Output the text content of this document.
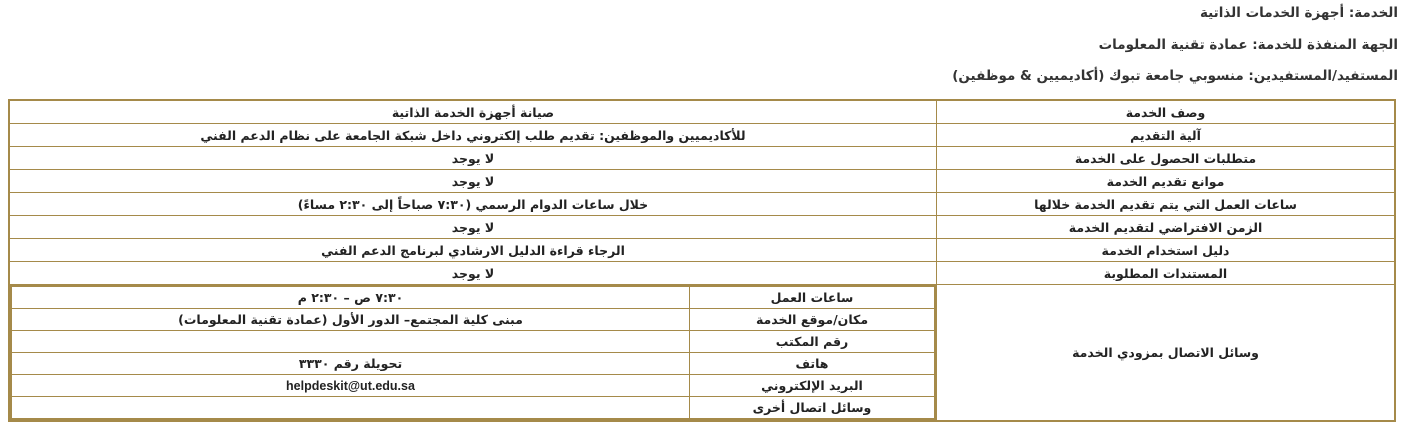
الخدمة: أجهزة الخدمات الذاتية
الجهة المنفذة للخدمة: عمادة تقنية المعلومات
المستفيد/المستفيدين: منسوبي جامعة تبوك (أكاديميين & موظفين)
وصف الخدمة	صيانة أجهزة الخدمة الذاتية
آلية التقديم	للأكاديميين والموظفين: تقديم طلب إلكتروني داخل شبكة الجامعة على نظام الدعم الفني
متطلبات الحصول على الخدمة	لا يوجد
موانع تقديم الخدمة	لا يوجد
ساعات العمل التي يتم تقديم الخدمة خلالها	خلال ساعات الدوام الرسمي (٧:٣٠ صباحاً إلى ٢:٣٠ مساءً)
الزمن الافتراضي لتقديم الخدمة	لا يوجد
دليل استخدام الخدمة	الرجاء قراءة الدليل الارشادي لبرنامج الدعم الفني
المستندات المطلوبة	لا يوجد
وسائل الاتصال بمزودي الخدمة	
ساعات العمل	٧:٣٠ ص – ٢:٣٠ م
مكان/موقع الخدمة	مبنى كلية المجتمع– الدور الأول (عمادة تقنية المعلومات)
رقم المكتب	
هاتف	تحويلة رقم ٣٣٣٠
البريد الإلكتروني	helpdeskit@ut.edu.sa
وسائل اتصال أخرى	
